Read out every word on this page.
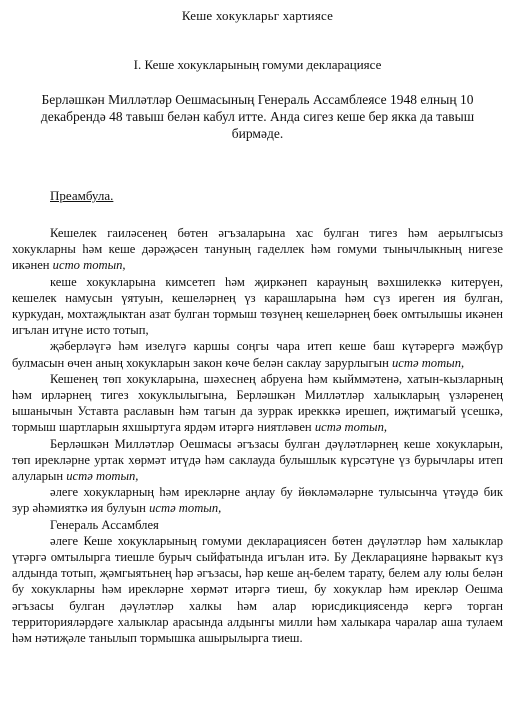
Кеше хокукларьг хартиясе
I. Кеше хокукларының гомуми декларациясе
Берләшкән Милләтләр Оешмасының Генераль Ассамблеясе 1948 елның 10 декабрендә 48 тавыш белән кабул итте. Анда сигез кеше бер якка да тавыш бирмәде.
Преамбула.

Кешелек гаиләсенең бөтен әгъзаларына хас булган тигез һәм аерылгысыз хокукларны һәм кеше дәрәҗәсен тануның гаделлек һәм гомуми тынычлыкның нигезе икәнен исто тотып,

кеше хокукларына кимсетеп һәм җиркәнеп карауның вәхшилеккә китерүен, кешелек намусын үятуын, кешеләрнең үз карашларына һәм сүз иреген ия булган, куркудан, мохтаҗлыктан азат булган тормыш төзүнең кешеләрнең бөек омтылышы икәнен игълан итүне исто тотып,

җәберләүгә һәм изелүгә каршы соңгы чара итеп кеше баш күтәрергә мәҗбүр булмасын өчен аның хокукларын закон көче белән саклау зарурлыгын истә тотып,

Кешенең төп хокукларына, шәхеснең абруена һәм кыйммәтенә, хатын-кызларның һәм ирләрнең тигез хокуклылыгына, Берләшкән Милләтләр халыкларың үзләренең ышанычын Уставта раславын һәм тагын да зуррак ирекккә ирешеп, иҗтимагый үсешкә, тормыш шартларын яхшыртуга ярдәм итәргә ниятләвен истә тотып,

Берләшкән Милләтләр Оешмасы әгъзасы булган дәүләтләрнең кеше хокукларын, төп ирекләрне уртак хөрмәт итүдә һәм саклауда булышлык күрсәтүне үз бурычлары итеп алуларын истә тотып,

әлеге хокукларның һәм ирекләрне аңлау бу йөкләмәләрне тулысынча үтәүдә бик зур әһәмияткә ия булуын истә тотып,

Генераль Ассамблея

әлеге Кеше хокукларының гомуми декларациясен бөтен дәүләтләр һәм халыклар үтәргә омтылырга тиешле бурыч сыйфатында игълан итә. Бу Декларацияне һәрвакыт күз алдында тотып, җәмгыятьнең һәр әгъзасы, һәр кеше аң-белем тарату, белем алу юлы белән бу хокукларны һәм ирекләрне хөрмәт итәргә тиеш, бу хокуклар һәм ирекләр Оешма әгъзасы булган дәүләтләр халкы һәм алар юрисдикциясендә кергә торган территорияләрдәге халыклар арасында алдынгы милли һәм халыкара чаралар аша тулаем һәм нәтиҗәле танылып тормышка ашырылырга тиеш.
